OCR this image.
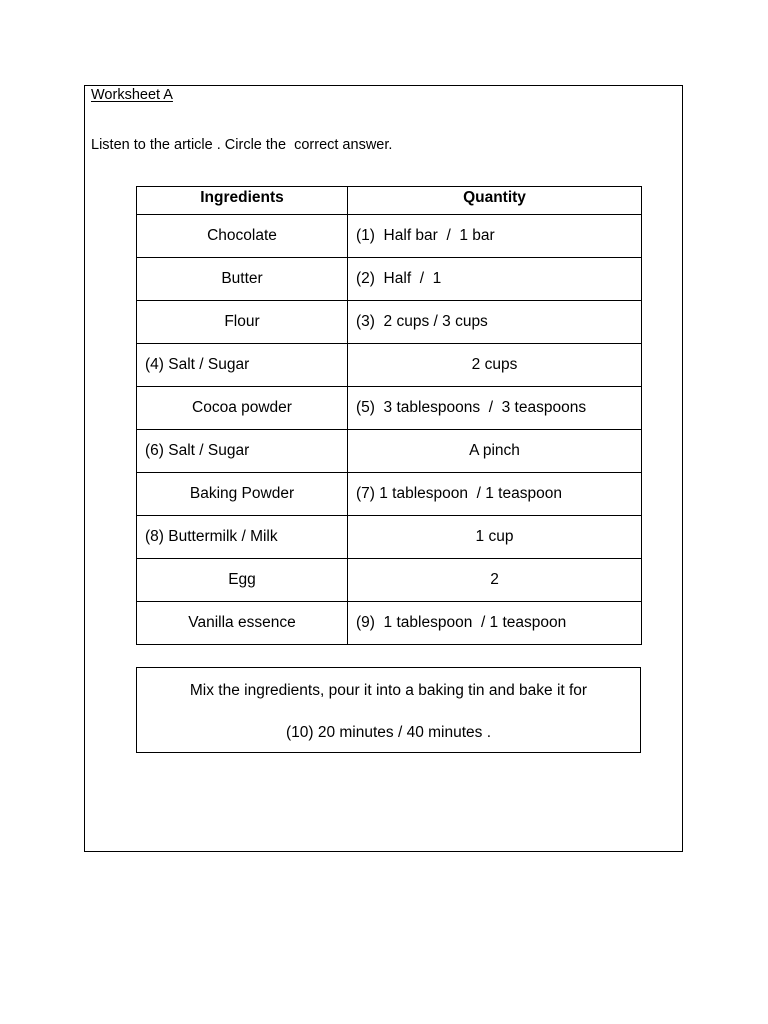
Worksheet A
Listen to the article . Circle the  correct answer.
Ingredients	Quantity
Chocolate	(1)  Half bar  /  1 bar
Butter	(2)  Half  /  1
Flour	(3)  2 cups / 3 cups
(4) Salt / Sugar	2 cups
Cocoa powder	(5)  3 tablespoons  /  3 teaspoons
(6) Salt / Sugar	A pinch
Baking Powder	(7) 1 tablespoon  / 1 teaspoon
(8) Buttermilk / Milk	1 cup
Egg	2
Vanilla essence	(9)  1 tablespoon  / 1 teaspoon
Mix the ingredients, pour it into a baking tin and bake it for
(10) 20 minutes / 40 minutes .
